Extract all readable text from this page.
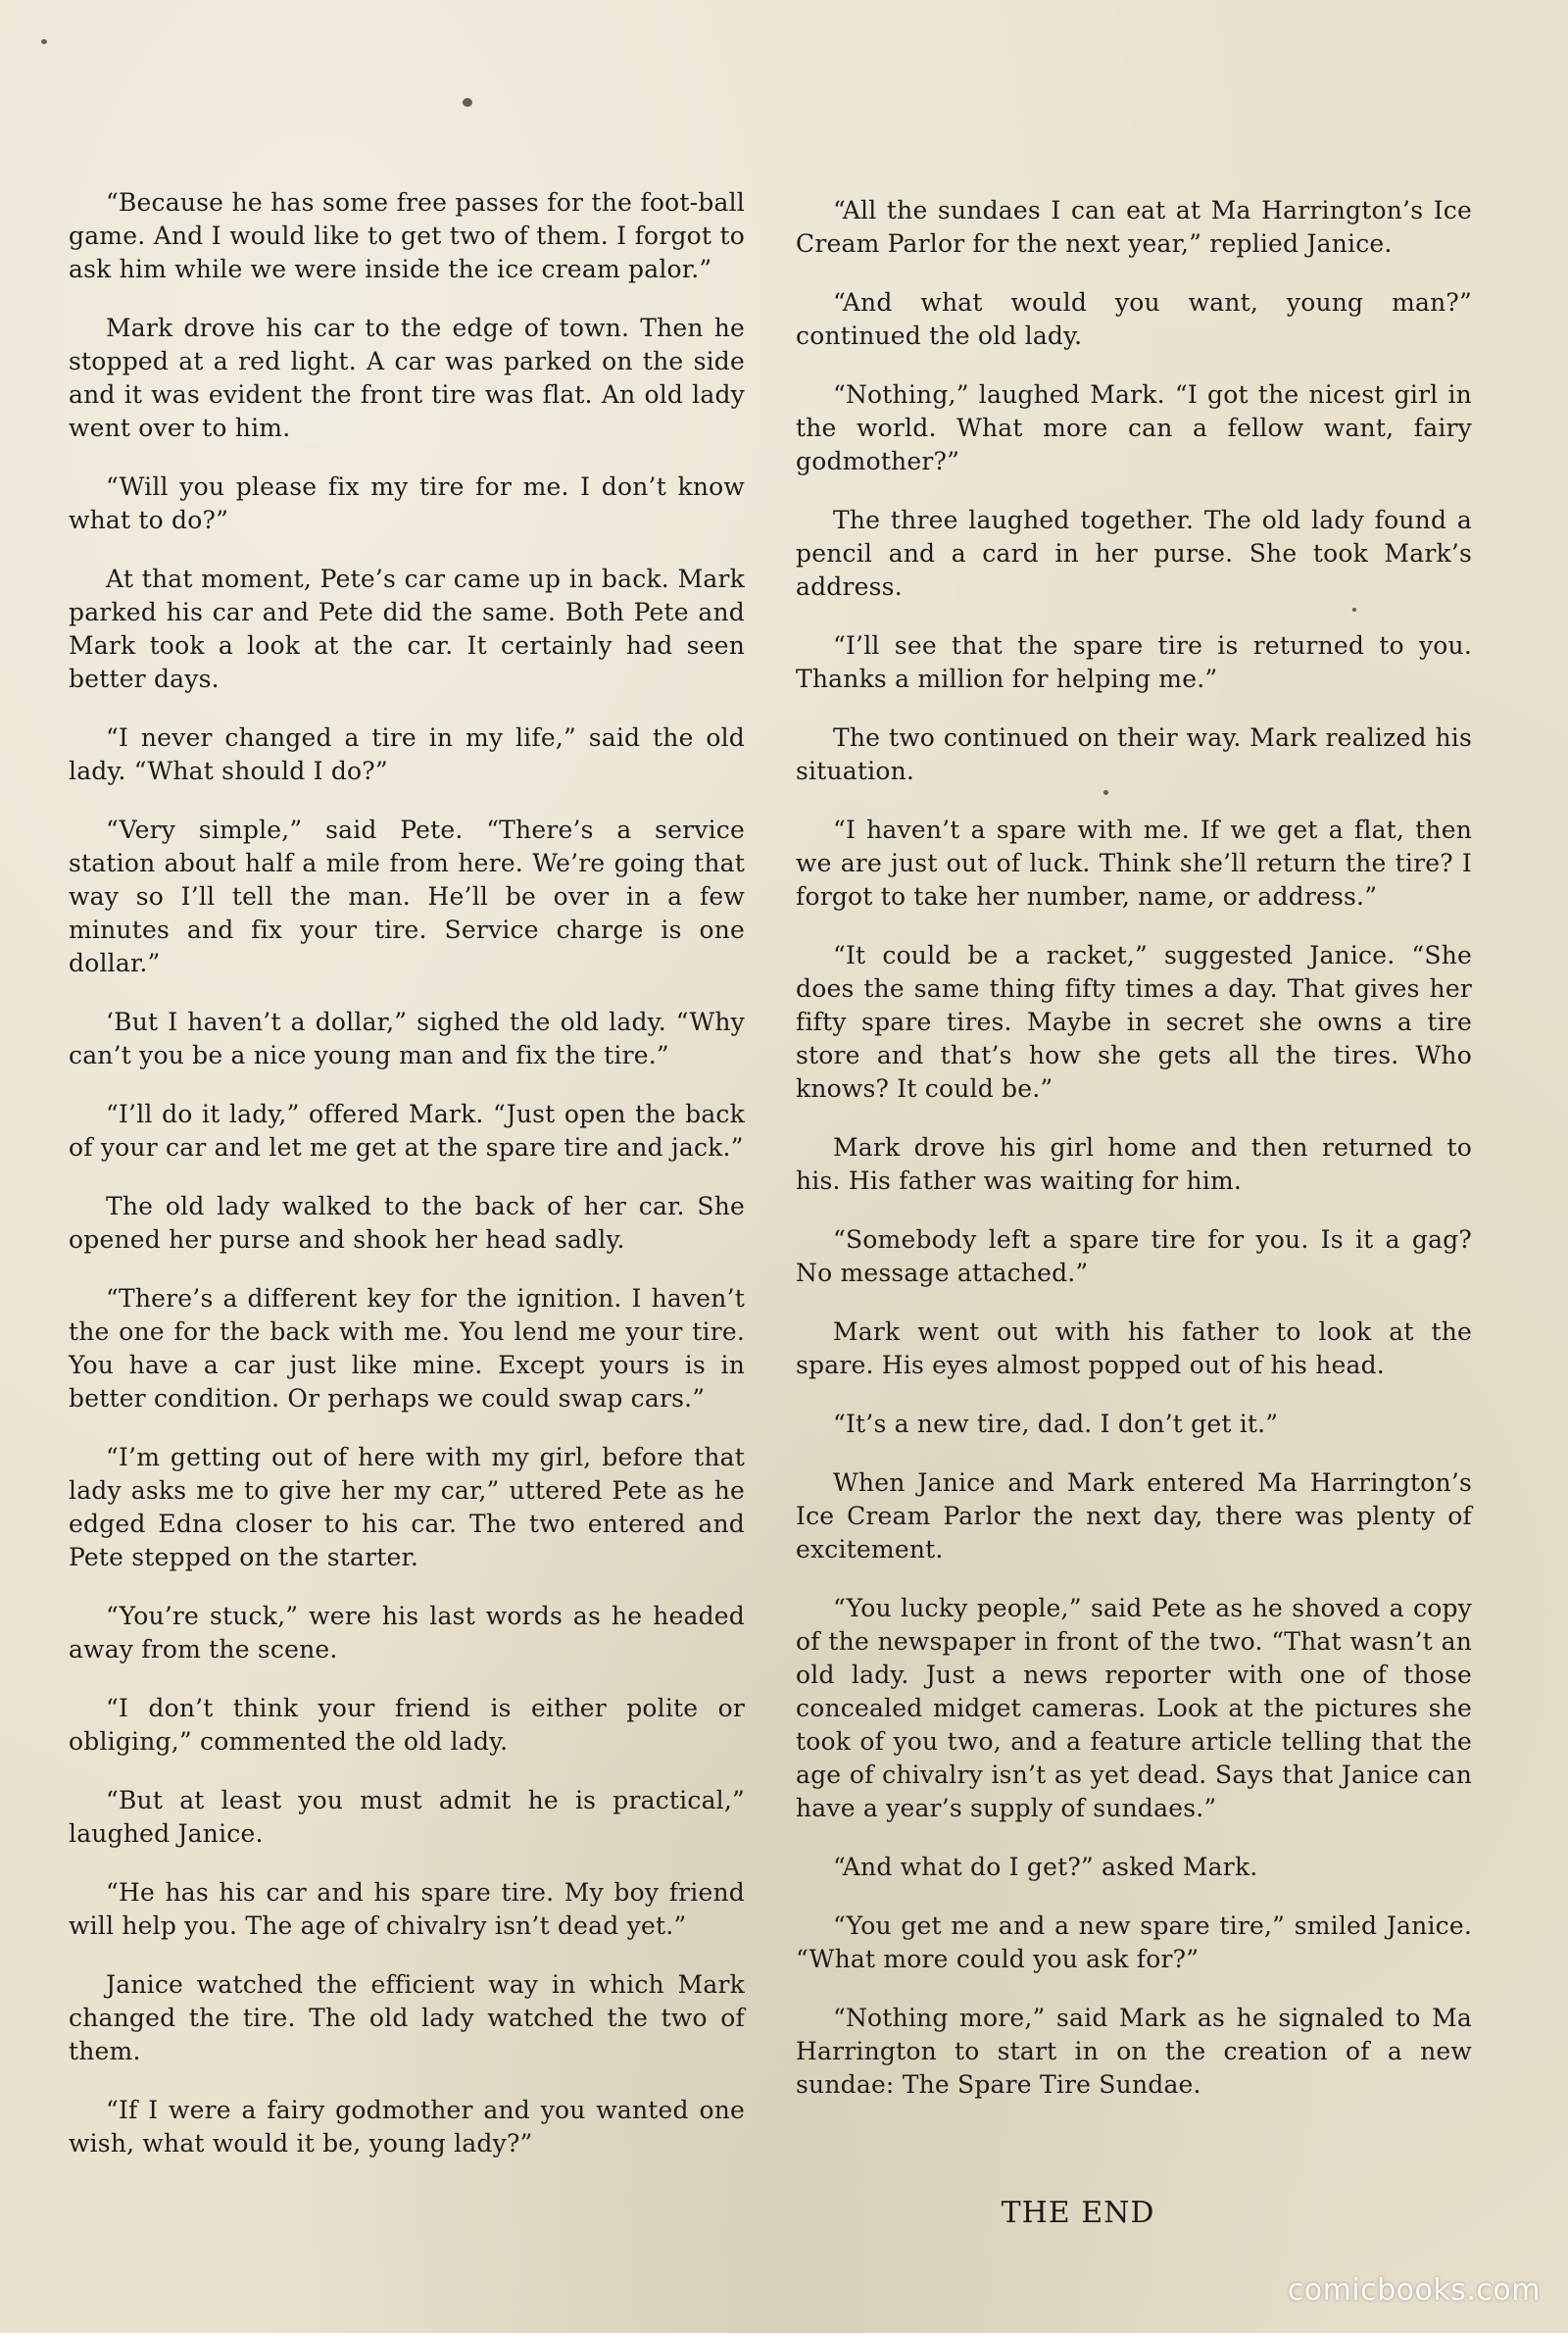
“Because he has some free passes for the foot-ball game. And I would like to get two of them. I forgot to ask him while we were inside the ice cream palor.”

Mark drove his car to the edge of town. Then he stopped at a red light. A car was parked on the side and it was evident the front tire was flat. An old lady went over to him.

“Will you please fix my tire for me. I don’t know what to do?”

At that moment, Pete’s car came up in back. Mark parked his car and Pete did the same. Both Pete and Mark took a look at the car. It certainly had seen better days.

“I never changed a tire in my life,” said the old lady. “What should I do?”

“Very simple,” said Pete. “There’s a service station about half a mile from here. We’re going that way so I’ll tell the man. He’ll be over in a few minutes and fix your tire. Service charge is one dollar.”

‘But I haven’t a dollar,” sighed the old lady. “Why can’t you be a nice young man and fix the tire.”

“I’ll do it lady,” offered Mark. “Just open the back of your car and let me get at the spare tire and jack.”

The old lady walked to the back of her car. She opened her purse and shook her head sadly.

“There’s a different key for the ignition. I haven’t the one for the back with me. You lend me your tire. You have a car just like mine. Except yours is in better condition. Or perhaps we could swap cars.”

“I’m getting out of here with my girl, before that lady asks me to give her my car,” uttered Pete as he edged Edna closer to his car. The two entered and Pete stepped on the starter.

“You’re stuck,” were his last words as he headed away from the scene.

“I don’t think your friend is either polite or obliging,” commented the old lady.

“But at least you must admit he is practical,” laughed Janice.

“He has his car and his spare tire. My boy friend will help you. The age of chivalry isn’t dead yet.”

Janice watched the efficient way in which Mark changed the tire. The old lady watched the two of them.

“If I were a fairy godmother and you wanted one wish, what would it be, young lady?”

“All the sundaes I can eat at Ma Harrington’s Ice Cream Parlor for the next year,” replied Janice.

“And what would you want, young man?” continued the old lady.

“Nothing,” laughed Mark. “I got the nicest girl in the world. What more can a fellow want, fairy godmother?”

The three laughed together. The old lady found a pencil and a card in her purse. She took Mark’s address.

“I’ll see that the spare tire is returned to you. Thanks a million for helping me.”

The two continued on their way. Mark realized his situation.

“I haven’t a spare with me. If we get a flat, then we are just out of luck. Think she’ll return the tire? I forgot to take her number, name, or address.”

“It could be a racket,” suggested Janice. “She does the same thing fifty times a day. That gives her fifty spare tires. Maybe in secret she owns a tire store and that’s how she gets all the tires. Who knows? It could be.”

Mark drove his girl home and then returned to his. His father was waiting for him.

“Somebody left a spare tire for you. Is it a gag? No message attached.”

Mark went out with his father to look at the spare. His eyes almost popped out of his head.

“It’s a new tire, dad. I don’t get it.”

When Janice and Mark entered Ma Harrington’s Ice Cream Parlor the next day, there was plenty of excitement.

“You lucky people,” said Pete as he shoved a copy of the newspaper in front of the two. “That wasn’t an old lady. Just a news reporter with one of those concealed midget cameras. Look at the pictures she took of you two, and a feature article telling that the age of chivalry isn’t as yet dead. Says that Janice can have a year’s supply of sundaes.”

“And what do I get?” asked Mark.

“You get me and a new spare tire,” smiled Janice. “What more could you ask for?”

“Nothing more,” said Mark as he signaled to Ma Harrington to start in on the creation of a new sundae: The Spare Tire Sundae.

THE END
comicbooks.com
